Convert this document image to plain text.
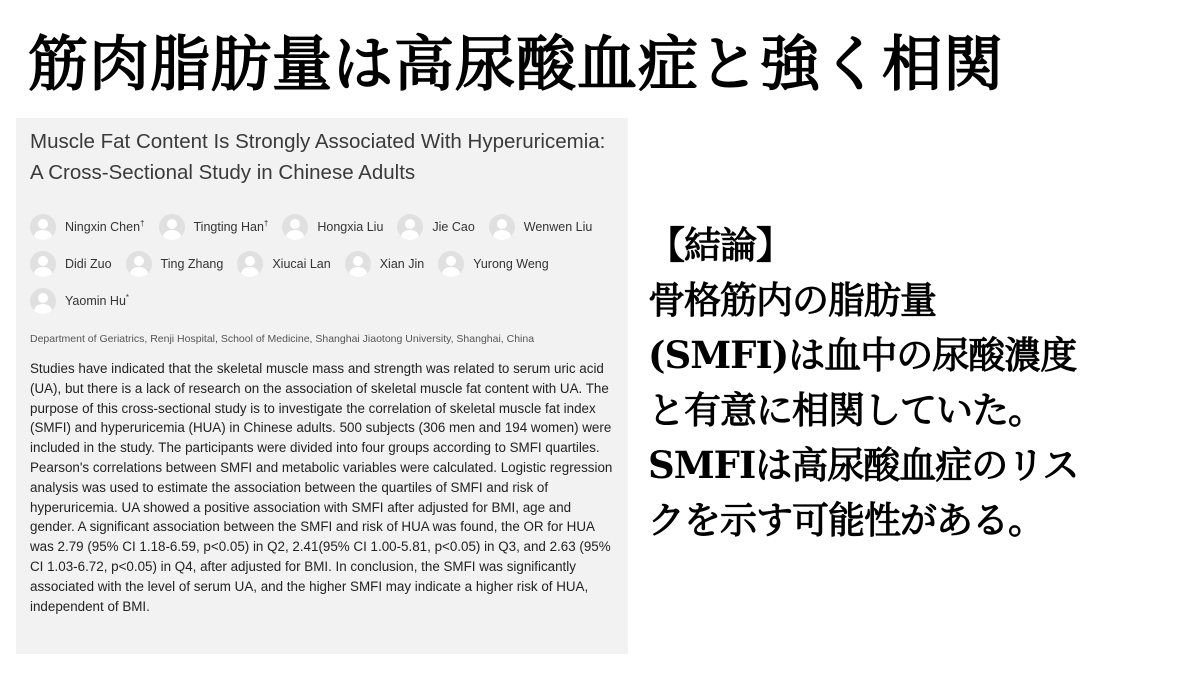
筋肉脂肪量は高尿酸血症と強く相関
Muscle Fat Content Is Strongly Associated With Hyperuricemia: A Cross-Sectional Study in Chinese Adults
Ningxin Chen†	Tingting Han†	Hongxia Liu	Jie Cao	Wenwen Liu
Didi Zuo	Ting Zhang	Xiucai Lan	Xian Jin	Yurong Weng
Yaomin Hu*
Department of Geriatrics, Renji Hospital, School of Medicine, Shanghai Jiaotong University, Shanghai, China

Studies have indicated that the skeletal muscle mass and strength was related to serum uric acid (UA), but there is a lack of research on the association of skeletal muscle fat content with UA. The purpose of this cross-sectional study is to investigate the correlation of skeletal muscle fat index (SMFI) and hyperuricemia (HUA) in Chinese adults. 500 subjects (306 men and 194 women) were included in the study. The participants were divided into four groups according to SMFI quartiles. Pearson's correlations between SMFI and metabolic variables were calculated. Logistic regression analysis was used to estimate the association between the quartiles of SMFI and risk of hyperuricemia. UA showed a positive association with SMFI after adjusted for BMI, age and gender. A significant association between the SMFI and risk of HUA was found, the OR for HUA was 2.79 (95% CI 1.18-6.59, p<0.05) in Q2, 2.41(95% CI 1.00-5.81, p<0.05) in Q3, and 2.63 (95% CI 1.03-6.72, p<0.05) in Q4, after adjusted for BMI. In conclusion, the SMFI was significantly associated with the level of serum UA, and the higher SMFI may indicate a higher risk of HUA, independent of BMI.

【結論】
骨格筋内の脂肪量
(SMFI)は血中の尿酸濃度
と有意に相関していた。
SMFIは高尿酸血症のリス
クを示す可能性がある。
